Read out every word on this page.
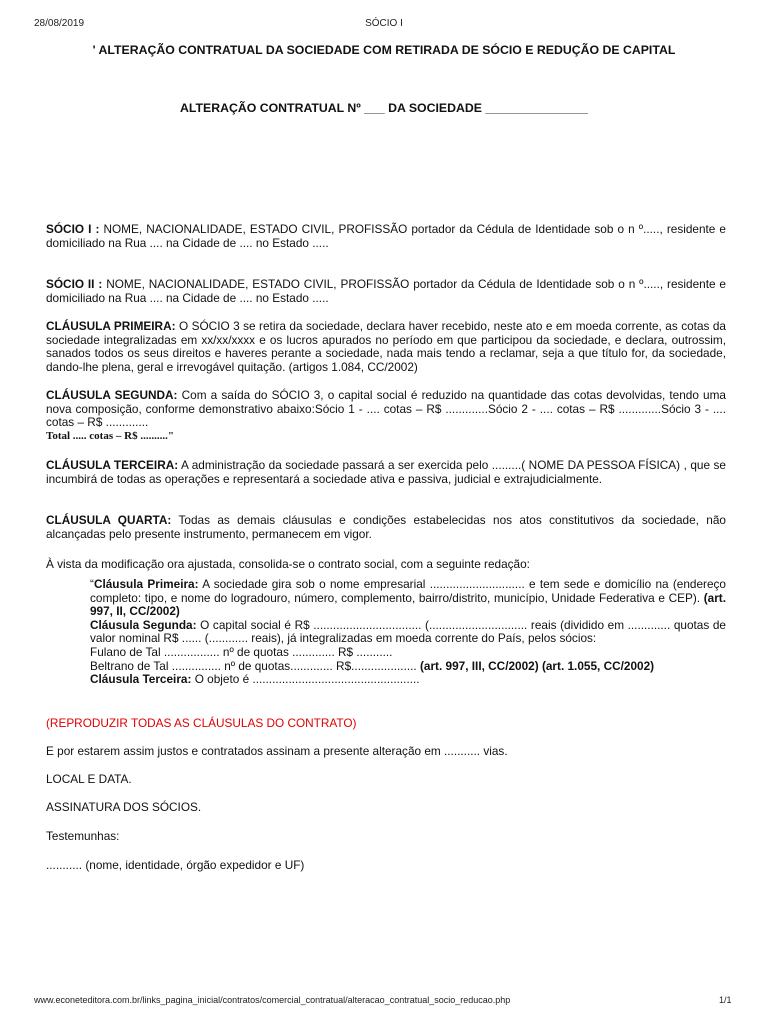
28/08/2019	SÓCIO I
' ALTERAÇÃO CONTRATUAL DA SOCIEDADE COM RETIRADA DE SÓCIO E REDUÇÃO DE CAPITAL
ALTERAÇÃO CONTRATUAL Nº ___ DA SOCIEDADE _______________
SÓCIO I : NOME, NACIONALIDADE, ESTADO CIVIL, PROFISSÃO portador da Cédula de Identidade sob o n º....., residente e domiciliado na Rua .... na Cidade de .... no Estado .....
SÓCIO II : NOME, NACIONALIDADE, ESTADO CIVIL, PROFISSÃO portador da Cédula de Identidade sob o n º....., residente e domiciliado na Rua .... na Cidade de .... no Estado .....
CLÁUSULA PRIMEIRA: O SÓCIO 3 se retira da sociedade, declara haver recebido, neste ato e em moeda corrente, as cotas da sociedade integralizadas em xx/xx/xxxx e os lucros apurados no período em que participou da sociedade, e declara, outrossim, sanados todos os seus direitos e haveres perante a sociedade, nada mais tendo a reclamar, seja a que título for, da sociedade, dando-lhe plena, geral e irrevogável quitação. (artigos 1.084, CC/2002)
CLÁUSULA SEGUNDA: Com a saída do SÓCIO 3, o capital social é reduzido na quantidade das cotas devolvidas, tendo uma nova composição, conforme demonstrativo abaixo:Sócio 1 - .... cotas – R$ .............Sócio 2 - .... cotas – R$ .............Sócio 3 - .... cotas – R$ .............
Total ..... cotas – R$ .........."
CLÁUSULA TERCEIRA: A administração da sociedade passará a ser exercida pelo .........( NOME DA PESSOA FÍSICA) , que se incumbirá de todas as operações e representará a sociedade ativa e passiva, judicial e extrajudicialmente.
CLÁUSULA QUARTA: Todas as demais cláusulas e condições estabelecidas nos atos constitutivos da sociedade, não alcançadas pelo presente instrumento, permanecem em vigor.
À vista da modificação ora ajustada, consolida-se o contrato social, com a seguinte redação:
“Cláusula Primeira: A sociedade gira sob o nome empresarial ............................. e tem sede e domicílio na (endereço completo: tipo, e nome do logradouro, número, complemento, bairro/distrito, município, Unidade Federativa e CEP). (art. 997, II, CC/2002)
Cláusula Segunda: O capital social é R$ ................................. (.............................. reais (dividido em ............. quotas de valor nominal R$ ...... (............ reais), já integralizadas em moeda corrente do País, pelos sócios:
Fulano de Tal ................. nº de quotas ............. R$ ...........
Beltrano de Tal ............... nº de quotas............. R$.................... (art. 997, III, CC/2002) (art. 1.055, CC/2002)
Cláusula Terceira: O objeto é ...................................................
(REPRODUZIR TODAS AS CLÁUSULAS DO CONTRATO)
E por estarem assim justos e contratados assinam a presente alteração em ........... vias.
LOCAL E DATA.
ASSINATURA DOS SÓCIOS.
Testemunhas:
........... (nome, identidade, órgão expedidor e UF)
www.econeteditora.com.br/links_pagina_inicial/contratos/comercial_contratual/alteracao_contratual_socio_reducao.php	1/1
